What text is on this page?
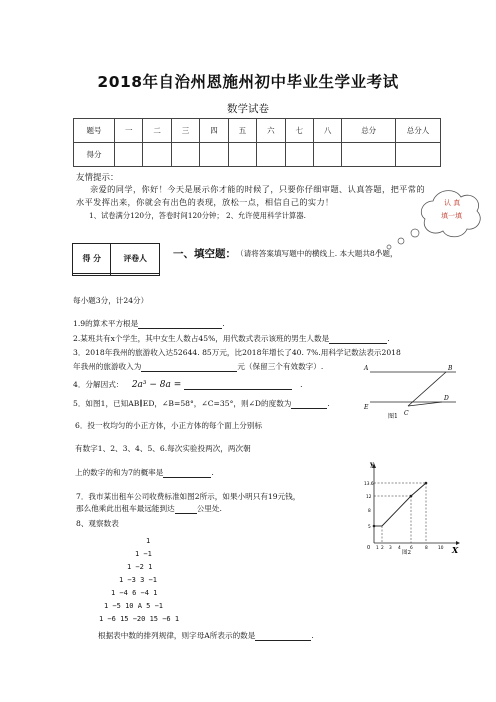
2018年自治州恩施州初中毕业生学业考试
数学试卷
题号	一	二	三	四	五	六	七	八	总分	总分人
得分										
友情提示：
亲爱的同学，你好！今天是展示你才能的时候了，只要你仔细审题、认真答题，把平常的水平发挥出来，你就会有出色的表现，放松一点，相信自己的实力！
1、试卷满分120分，答卷时间120分钟； 2、允许使用科学计算器.
认 真
填一填
得 分	评卷人
	一、填空题： （请将答案填写题中的横线上. 本大题共8小题，
每小题3分，计24分）
1.9的算术平方根是	.
2.某班共有x个学生，其中女生人数占45%，用代数式表示该班的男生人数是	.
3．2018年我州的旅游收入达52644. 85万元，比2018年增长了40. 7%.用科学记数法表示2018
年我州的旅游收入为	元（保留三个有效数字）.
4．分解因式： 2a³ − 8a =	.
5．如图1，已知AB∥ED，∠B=58°，∠C=35°，则∠D的度数为	.
A	B
E
C
D
图1
6．投一枚均匀的小正方体，小正方体的每个面上分别标
有数字1、2、3、4、5、6.每次实验投两次，两次朝
上的数字的和为7的概率是	.
7．我市某出租车公司收费标准如图2所示，如果小明只有19元钱，
那么他乘此出租车最远能到达	公里处.
8、观察数表
y
X
0
13.6
12
8
5
1 2 3 4 6	8 10
图2
1
1 −1
1 −2 1
1 −3 3 −1
1 −4 6 −4 1
1 −5 10 A 5 −1
1 −6 15 −20 15 −6 1
根据表中数的排列规律，则字母A所表示的数是	.
